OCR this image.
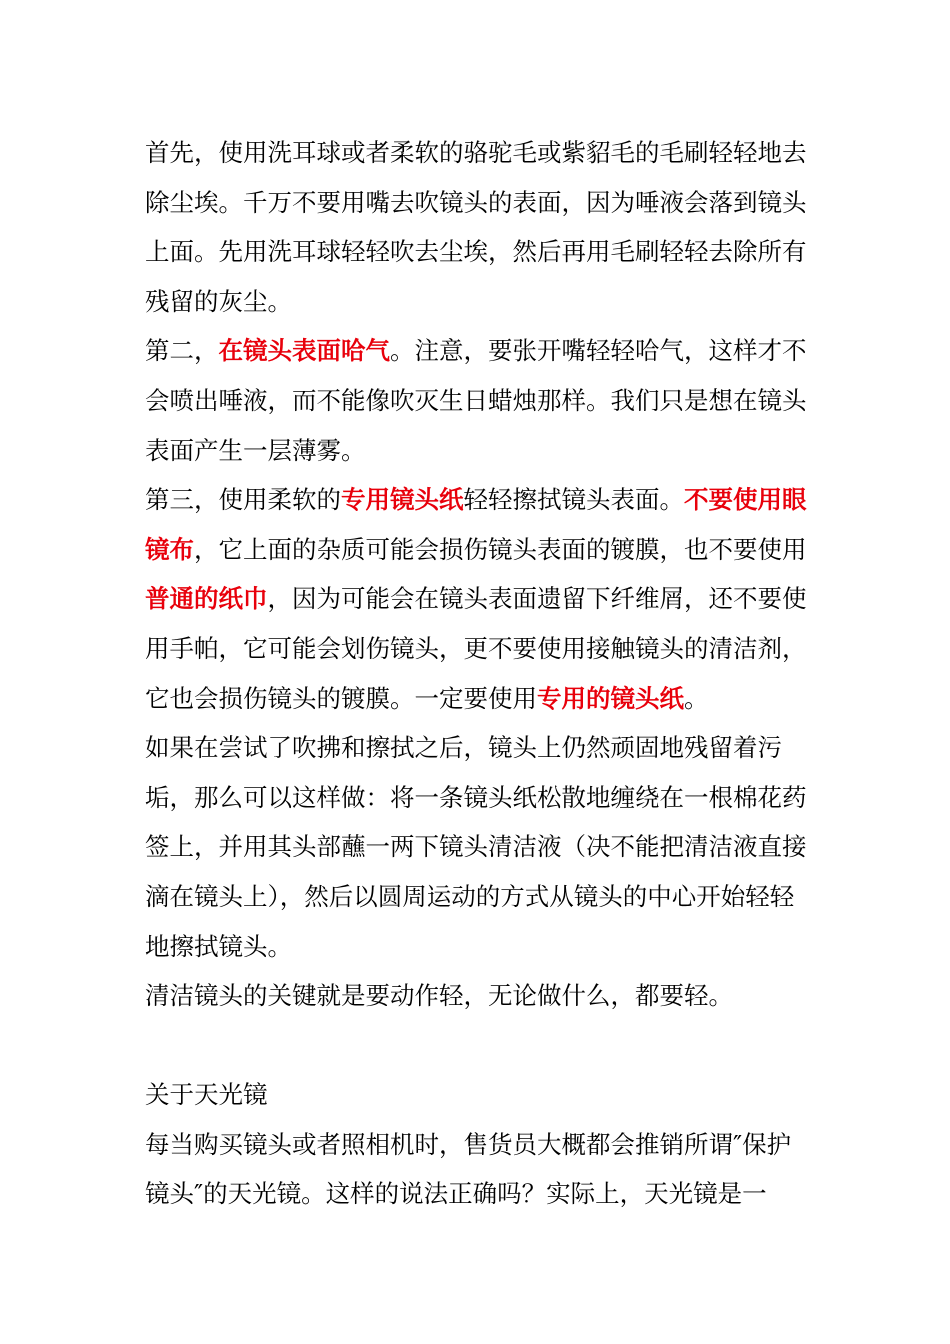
首先，使用洗耳球或者柔软的骆驼毛或紫貂毛的毛刷轻轻地去除尘埃。千万不要用嘴去吹镜头的表面，因为唾液会落到镜头上面。先用洗耳球轻轻吹去尘埃，然后再用毛刷轻轻去除所有残留的灰尘。

第二，在镜头表面哈气。注意，要张开嘴轻轻哈气，这样才不会喷出唾液，而不能像吹灭生日蜡烛那样。我们只是想在镜头表面产生一层薄雾。

第三，使用柔软的专用镜头纸轻轻擦拭镜头表面。不要使用眼镜布，它上面的杂质可能会损伤镜头表面的镀膜，也不要使用普通的纸巾，因为可能会在镜头表面遗留下纤维屑，还不要使用手帕，它可能会划伤镜头，更不要使用接触镜头的清洁剂，它也会损伤镜头的镀膜。一定要使用专用的镜头纸。

如果在尝试了吹拂和擦拭之后，镜头上仍然顽固地残留着污垢，那么可以这样做：将一条镜头纸松散地缠绕在一根棉花药签上，并用其头部蘸一两下镜头清洁液（决不能把清洁液直接滴在镜头上），然后以圆周运动的方式从镜头的中心开始轻轻地擦拭镜头。

清洁镜头的关键就是要动作轻，无论做什么，都要轻。

关于天光镜

每当购买镜头或者照相机时，售货员大概都会推销所谓″保护镜头″的天光镜。这样的说法正确吗？实际上，天光镜是一
